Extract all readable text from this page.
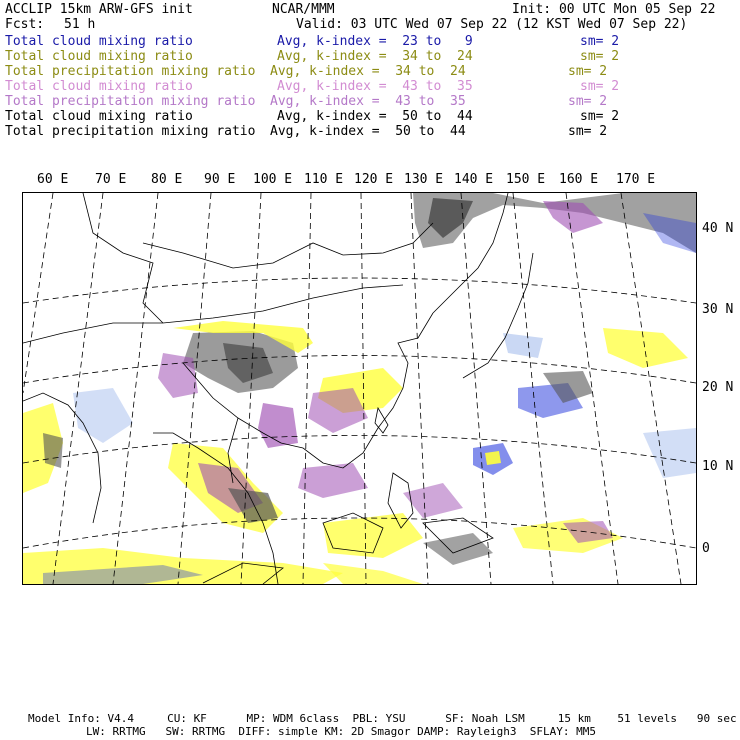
ACCLIP 15km ARW-GFS init	NCAR/MMM	Init: 00 UTC Mon 05 Sep 22
Fcst: 51 h	Valid: 03 UTC Wed 07 Sep 22 (12 KST Wed 07 Sep 22)
Total cloud mixing ratio	Avg, k-index =  23 to   9	sm= 2
Total cloud mixing ratio	Avg, k-index =  34 to  24	sm= 2
Total precipitation mixing ratio Avg, k-index =  34 to  24	sm= 2
Total cloud mixing ratio	Avg, k-index =  43 to  35	sm= 2
Total precipitation mixing ratio Avg, k-index =  43 to  35	sm= 2
Total cloud mixing ratio	Avg, k-index =  50 to  44	sm= 2
Total precipitation mixing ratio Avg, k-index =  50 to  44	sm= 2
60 E 70 E 80 E 90 E 100 E 110 E 120 E 130 E 140 E 150 E 160 E 170 E
40 N
30 N
20 N
10 N
0
Model Info: V4.4     CU: KF      MP: WDM 6class  PBL: YSU      SF: Noah LSM     15 km    51 levels   90 sec
LW: RRTMG   SW: RRTMG  DIFF: simple KM: 2D Smagor DAMP: Rayleigh3  SFLAY: MM5
